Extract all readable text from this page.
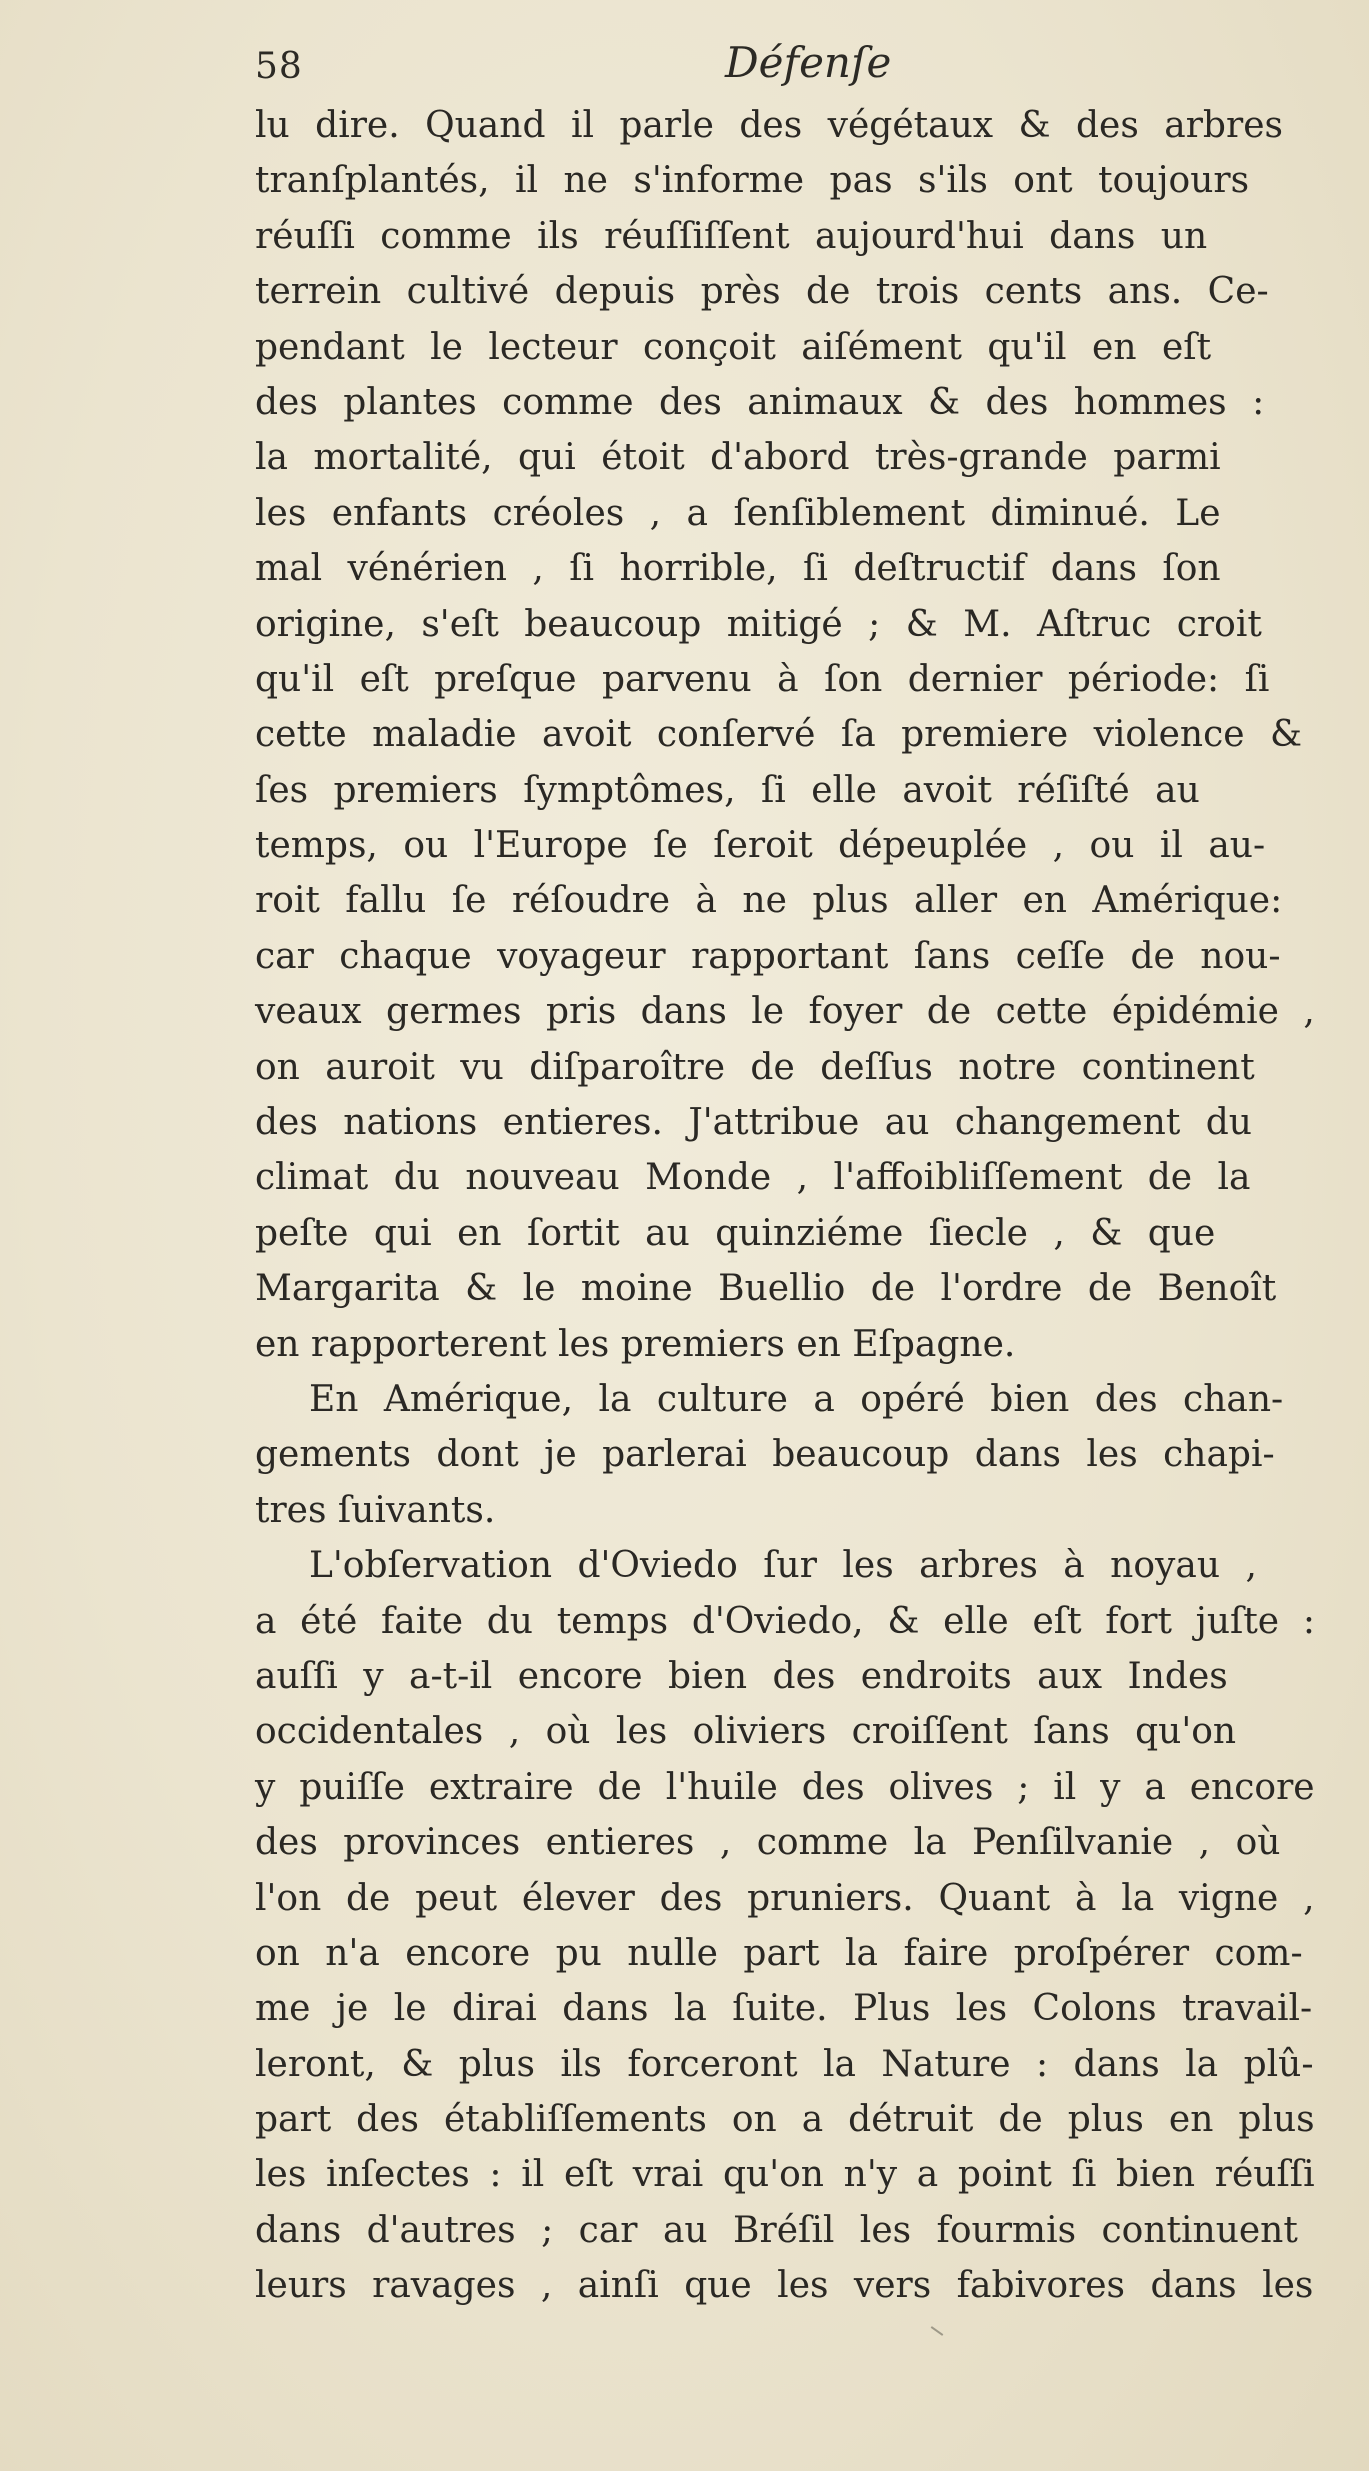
58	Défenſe
lu dire. Quand il parle des végétaux & des arbres
tranſplantés, il ne s'informe pas s'ils ont toujours
réuſſi comme ils réuſſiſſent aujourd'hui dans un
terrein cultivé depuis près de trois cents ans. Ce-
pendant le lecteur conçoit aiſément qu'il en eſt
des plantes comme des animaux & des hommes :
la mortalité, qui étoit d'abord très-grande parmi
les enfants créoles , a ſenſiblement diminué. Le
mal vénérien , ſi horrible, ſi deſtructif dans ſon
origine, s'eſt beaucoup mitigé ; & M. Aſtruc croit
qu'il eſt preſque parvenu à ſon dernier période: ſi
cette maladie avoit conſervé ſa premiere violence &
ſes premiers ſymptômes, ſi elle avoit réſiſté au
temps, ou l'Europe ſe ſeroit dépeuplée , ou il au-
roit fallu ſe réſoudre à ne plus aller en Amérique:
car chaque voyageur rapportant ſans ceſſe de nou-
veaux germes pris dans le foyer de cette épidémie ,
on auroit vu diſparoître de deſſus notre continent
des nations entieres. J'attribue au changement du
climat du nouveau Monde , l'affoibliſſement de la
peſte qui en ſortit au quinziéme ſiecle , & que
Margarita & le moine Buellio de l'ordre de Benoît
en rapporterent les premiers en Eſpagne.
En Amérique, la culture a opéré bien des chan-
gements dont je parlerai beaucoup dans les chapi-
tres ſuivants.
L'obſervation d'Oviedo ſur les arbres à noyau ,
a été faite du temps d'Oviedo, & elle eſt fort juſte :
auſſi y a-t-il encore bien des endroits aux Indes
occidentales , où les oliviers croiſſent ſans qu'on
y puiſſe extraire de l'huile des olives ; il y a encore
des provinces entieres , comme la Penſilvanie , où
l'on de peut élever des pruniers. Quant à la vigne ,
on n'a encore pu nulle part la faire proſpérer com-
me je le dirai dans la ſuite. Plus les Colons travail-
leront, & plus ils forceront la Nature : dans la plû-
part des établiſſements on a détruit de plus en plus
les inſectes : il eſt vrai qu'on n'y a point ſi bien réuſſi
dans d'autres ; car au Bréſil les fourmis continuent
leurs ravages , ainſi que les vers fabivores dans les
